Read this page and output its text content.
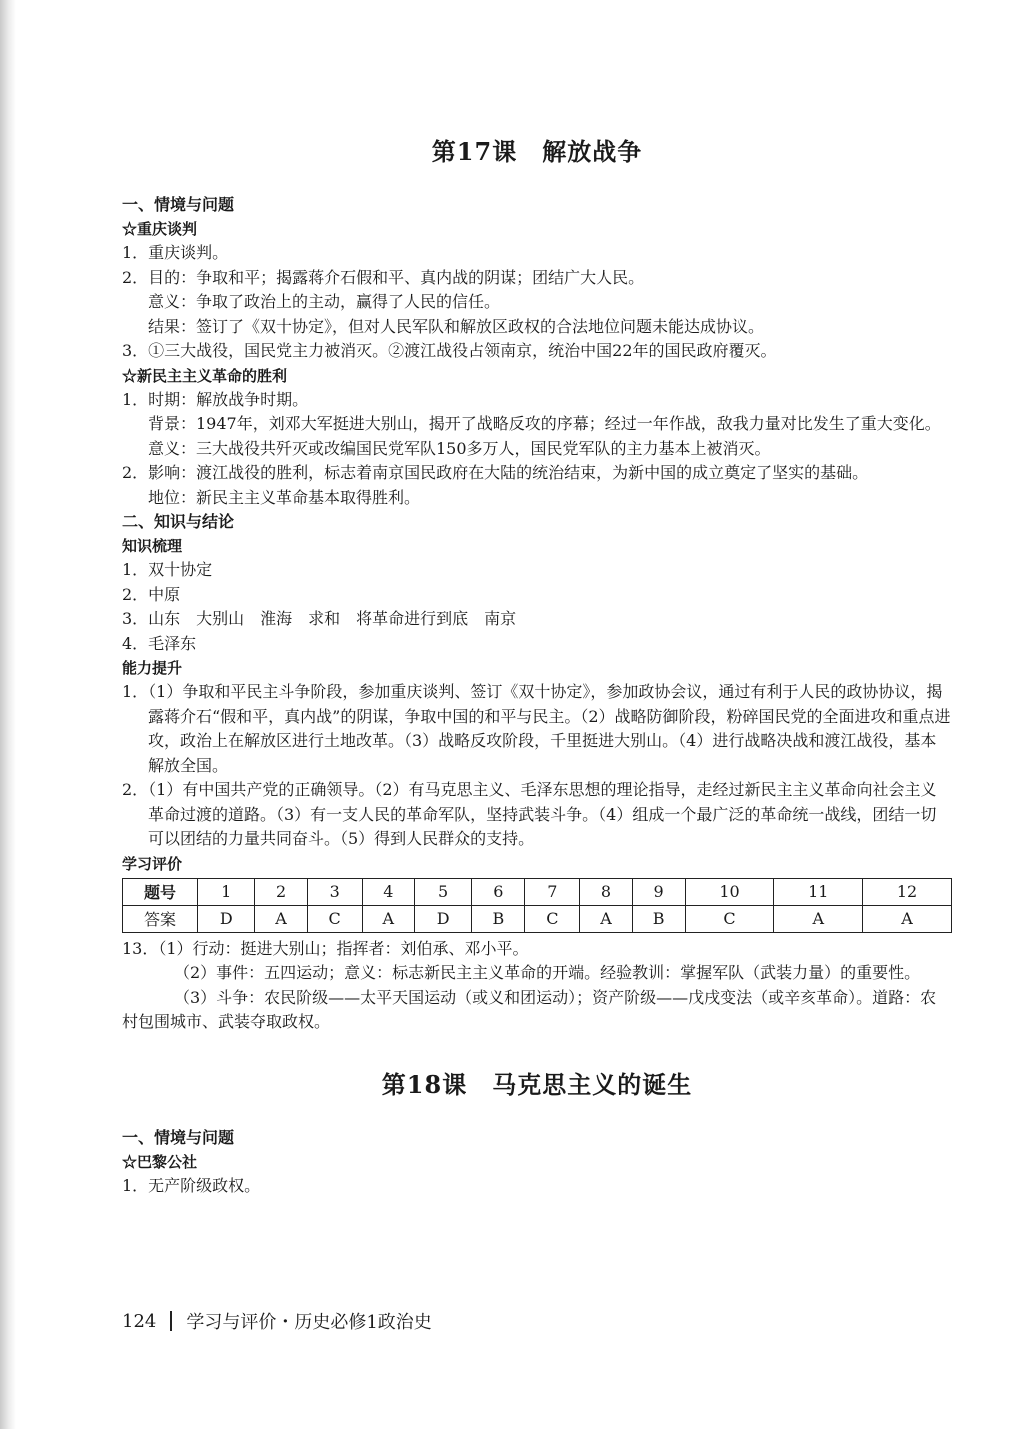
第17课　解放战争
一、情境与问题
☆重庆谈判
1．重庆谈判。
2．目的：争取和平；揭露蒋介石假和平、真内战的阴谋；团结广大人民。
意义：争取了政治上的主动，赢得了人民的信任。
结果：签订了《双十协定》，但对人民军队和解放区政权的合法地位问题未能达成协议。
3．①三大战役，国民党主力被消灭。②渡江战役占领南京，统治中国22年的国民政府覆灭。
☆新民主主义革命的胜利
1．时期：解放战争时期。
背景：1947年，刘邓大军挺进大别山，揭开了战略反攻的序幕；经过一年作战，敌我力量对比发生了重大变化。
意义：三大战役共歼灭或改编国民党军队150多万人，国民党军队的主力基本上被消灭。
2．影响：渡江战役的胜利，标志着南京国民政府在大陆的统治结束，为新中国的成立奠定了坚实的基础。
地位：新民主主义革命基本取得胜利。
二、知识与结论
知识梳理
1．双十协定
2．中原
3．山东　大别山　淮海　求和　将革命进行到底　南京
4．毛泽东
能力提升
1．（1）争取和平民主斗争阶段，参加重庆谈判、签订《双十协定》，参加政协会议，通过有利于人民的政协协议，揭露蒋介石“假和平，真内战”的阴谋，争取中国的和平与民主。（2）战略防御阶段，粉碎国民党的全面进攻和重点进攻，政治上在解放区进行土地改革。（3）战略反攻阶段，千里挺进大别山。（4）进行战略决战和渡江战役，基本解放全国。
2．（1）有中国共产党的正确领导。（2）有马克思主义、毛泽东思想的理论指导，走经过新民主主义革命向社会主义革命过渡的道路。（3）有一支人民的革命军队，坚持武装斗争。（4）组成一个最广泛的革命统一战线，团结一切可以团结的力量共同奋斗。（5）得到人民群众的支持。
学习评价
题号	1	2	3	4	5	6	7	8	9	10	11	12
答案	D	A	C	A	D	B	C	A	B	C	A	A
13．（1）行动：挺进大别山；指挥者：刘伯承、邓小平。
（2）事件：五四运动；意义：标志新民主主义革命的开端。经验教训：掌握军队（武装力量）的重要性。
（3）斗争：农民阶级——太平天国运动（或义和团运动）；资产阶级——戊戌变法（或辛亥革命）。道路：农村包围城市、武装夺取政权。
第18课　马克思主义的诞生
一、情境与问题
☆巴黎公社
1．无产阶级政权。
124 学习与评价・历史必修1政治史
